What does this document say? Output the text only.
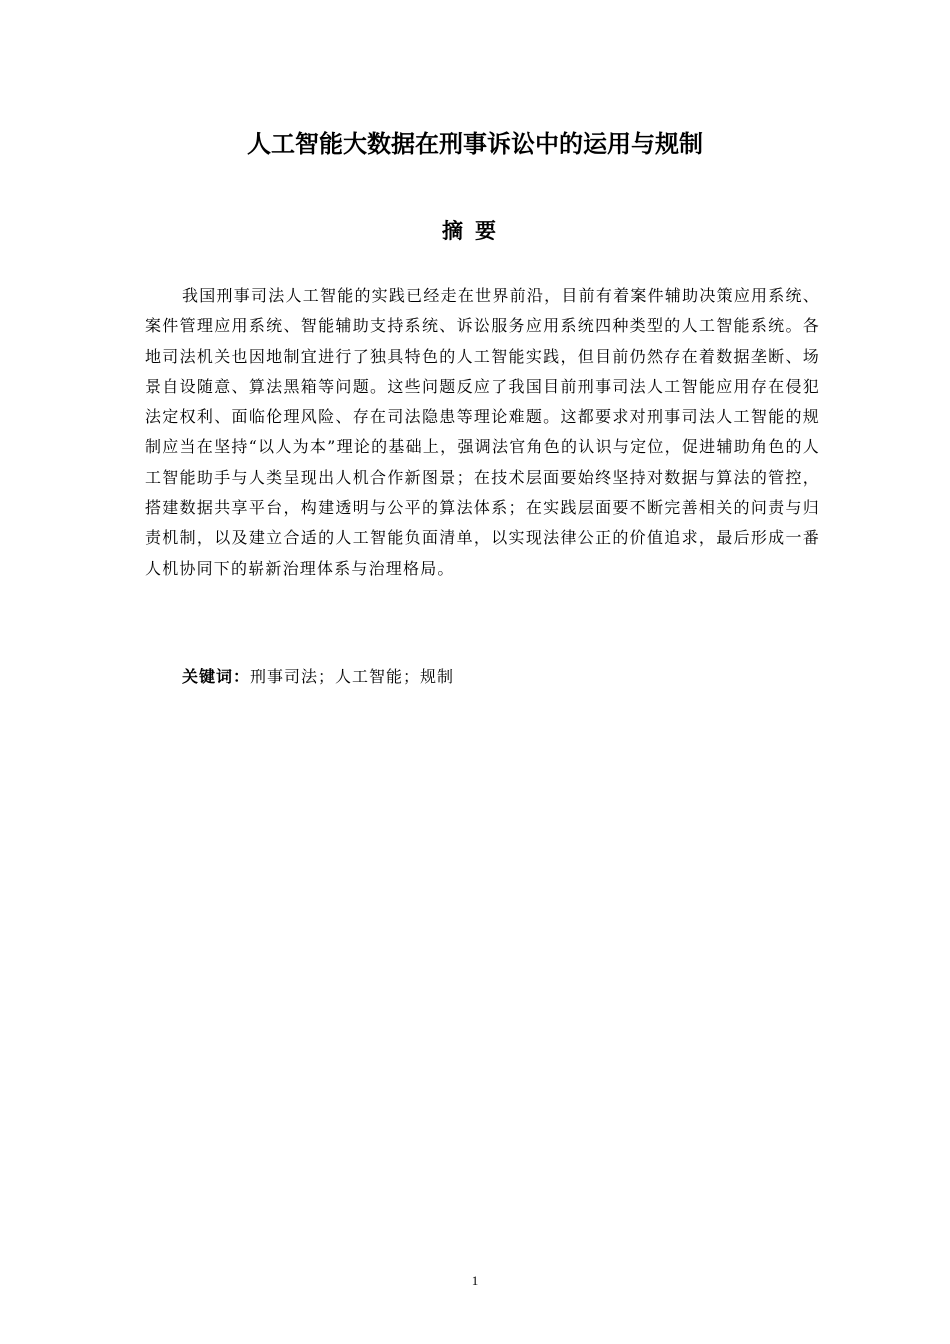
人工智能大数据在刑事诉讼中的运用与规制
摘要

我国刑事司法人工智能的实践已经走在世界前沿，目前有着案件辅助决策应用系统、案件管理应用系统、智能辅助支持系统、诉讼服务应用系统四种类型的人工智能系统。各地司法机关也因地制宜进行了独具特色的人工智能实践，但目前仍然存在着数据垄断、场景自设随意、算法黑箱等问题。这些问题反应了我国目前刑事司法人工智能应用存在侵犯法定权利、面临伦理风险、存在司法隐患等理论难题。这都要求对刑事司法人工智能的规制应当在坚持“以人为本”理论的基础上，强调法官角色的认识与定位，促进辅助角色的人工智能助手与人类呈现出人机合作新图景；在技术层面要始终坚持对数据与算法的管控，搭建数据共享平台，构建透明与公平的算法体系；在实践层面要不断完善相关的问责与归责机制，以及建立合适的人工智能负面清单，以实现法律公正的价值追求，最后形成一番人机协同下的崭新治理体系与治理格局。

关键词：刑事司法；人工智能；规制

1
